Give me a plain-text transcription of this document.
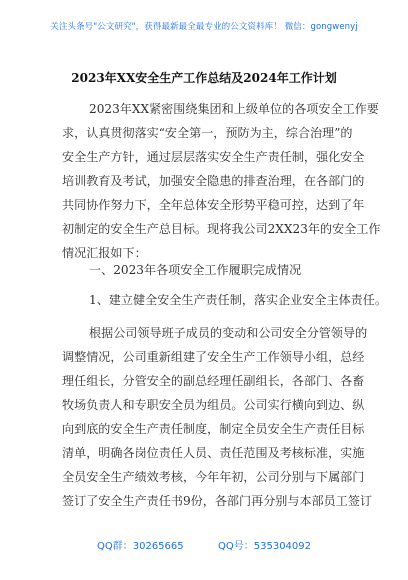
关注头条号"公文研究"，获得最新最全最专业的公文资料库！ 微信：gongwenyj
2023年XX安全生产工作总结及2024年工作计划
2023年XX紧密围绕集团和上级单位的各项安全工作要
求，认真贯彻落实“安全第一，预防为主，综合治理”的
安全生产方针，通过层层落实安全生产责任制，强化安全
培训教育及考试，加强安全隐患的排查治理，在各部门的
共同协作努力下，全年总体安全形势平稳可控，达到了年
初制定的安全生产总目标。现将我公司2XX23年的安全工作
情况汇报如下：
一、2023年各项安全工作履职完成情况
1、建立健全安全生产责任制，落实企业安全主体责任。
根据公司领导班子成员的变动和公司安全分管领导的
调整情况，公司重新组建了安全生产工作领导小组，总经
理任组长，分管安全的副总经理任副组长，各部门、各畜
牧场负责人和专职安全员为组员。公司实行横向到边、纵
向到底的安全生产责任制度，制定全员安全生产责任目标
清单，明确各岗位责任人员、责任范围及考核标准，实施
全员安全生产绩效考核，今年年初，公司分别与下属部门
签订了安全生产责任书9份，各部门再分别与本部员工签订
QQ群：30265665	QQ号：535304092
